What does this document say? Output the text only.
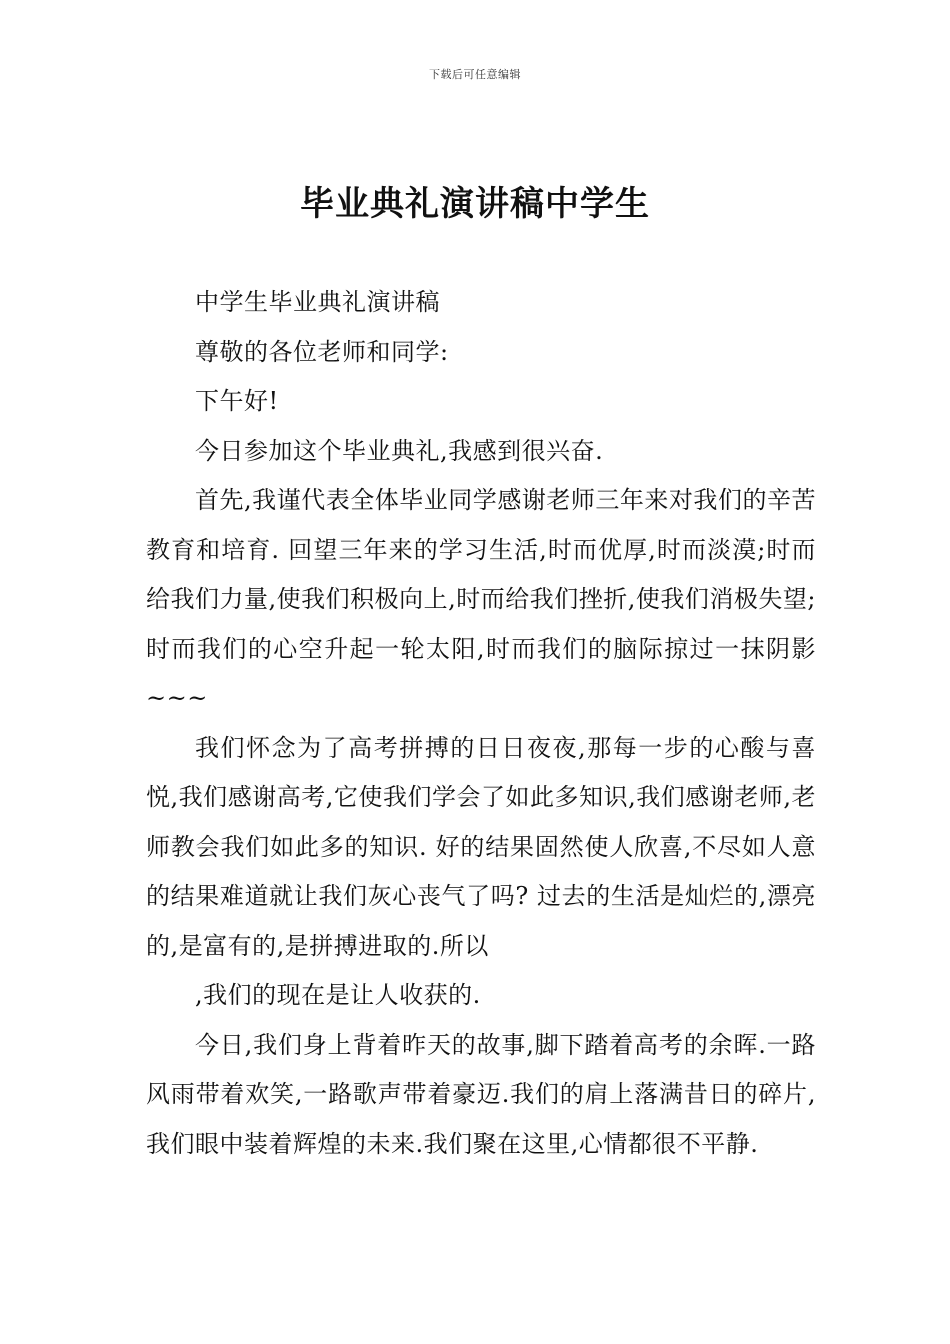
下载后可任意编辑
毕业典礼演讲稿中学生

中学生毕业典礼演讲稿

尊敬的各位老师和同学:

下午好!

今日参加这个毕业典礼,我感到很兴奋.

首先,我谨代表全体毕业同学感谢老师三年来对我们的辛苦教育和培育. 回望三年来的学习生活,时而优厚,时而淡漠;时而给我们力量,使我们积极向上,时而给我们挫折,使我们消极失望;时而我们的心空升起一轮太阳,时而我们的脑际掠过一抹阴影~~~

我们怀念为了高考拼搏的日日夜夜,那每一步的心酸与喜悦,我们感谢高考,它使我们学会了如此多知识,我们感谢老师,老师教会我们如此多的知识. 好的结果固然使人欣喜,不尽如人意的结果难道就让我们灰心丧气了吗? 过去的生活是灿烂的,漂亮的,是富有的,是拼搏进取的.所以

,我们的现在是让人收获的.

今日,我们身上背着昨天的故事,脚下踏着高考的余晖.一路风雨带着欢笑,一路歌声带着豪迈.我们的肩上落满昔日的碎片,我们眼中装着辉煌的未来.我们聚在这里,心情都很不平静.
